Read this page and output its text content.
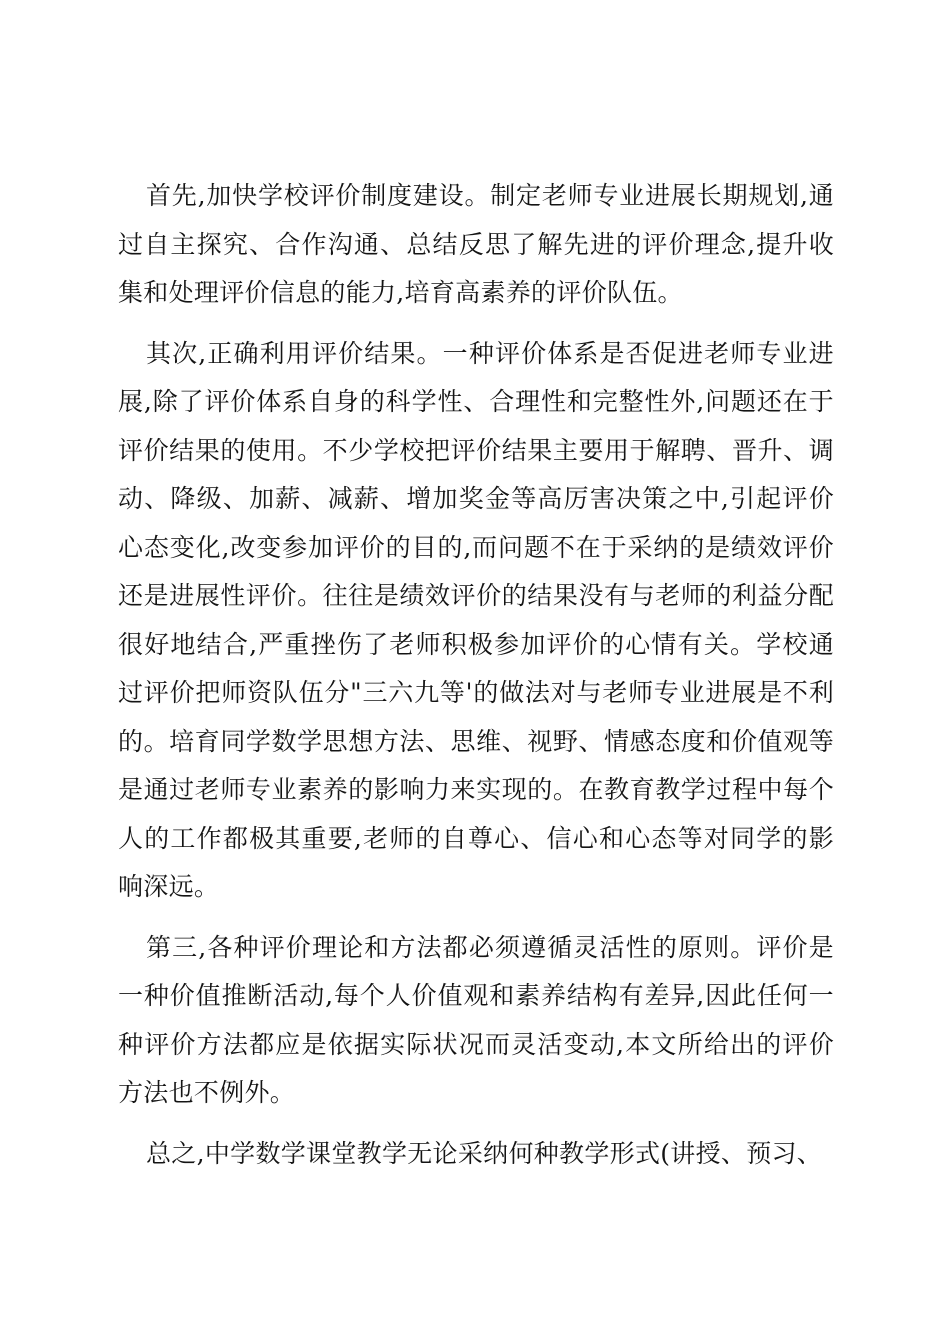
首先,加快学校评价制度建设。制定老师专业进展长期规划,通过自主探究、合作沟通、总结反思了解先进的评价理念,提升收集和处理评价信息的能力,培育高素养的评价队伍。

其次,正确利用评价结果。一种评价体系是否促进老师专业进展,除了评价体系自身的科学性、合理性和完整性外,问题还在于评价结果的使用。不少学校把评价结果主要用于解聘、晋升、调动、降级、加薪、减薪、增加奖金等高厉害决策之中,引起评价心态变化,改变参加评价的目的,而问题不在于采纳的是绩效评价还是进展性评价。往往是绩效评价的结果没有与老师的利益分配很好地结合,严重挫伤了老师积极参加评价的心情有关。学校通过评价把师资队伍分"三六九等'的做法对与老师专业进展是不利的。培育同学数学思想方法、思维、视野、情感态度和价值观等是通过老师专业素养的影响力来实现的。在教育教学过程中每个人的工作都极其重要,老师的自尊心、信心和心态等对同学的影响深远。

第三,各种评价理论和方法都必须遵循灵活性的原则。评价是一种价值推断活动,每个人价值观和素养结构有差异,因此任何一种评价方法都应是依据实际状况而灵活变动,本文所给出的评价方法也不例外。

总之,中学数学课堂教学无论采纳何种教学形式(讲授、预习、
